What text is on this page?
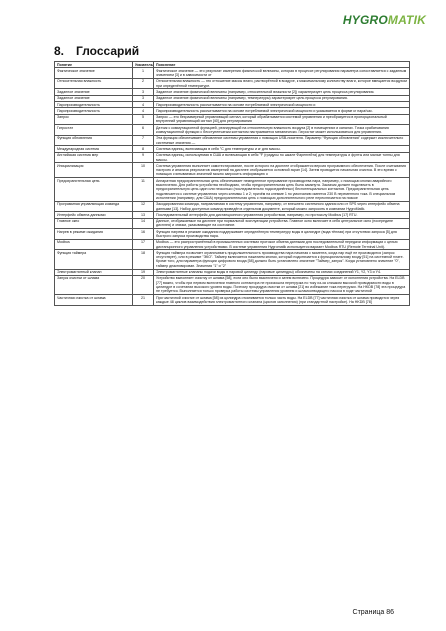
HYGROMATIK
8. Глоссарий
Понятие	Указатель	Пояснение
Фактическое значение	1	Фактическое значение — это результат измерения физической величины, которая в процессе регулирования параметра сопоставляется с заданным значением [3] и в зависимости от
Относительная влажность	2	Относительная влажность — это отношение массы влаги, растворённой в воздухе, к максимальному количеству влаги, которое вмещается воздухом при определённой температуре.
Заданное значение	3	Заданное значение физической величины (например, относительной влажности [2]) характеризует цель процесса регулирования.
Заданное значение	3	Заданное значение физической величины (например, температуры) характеризует цель процесса регулирования.
Паропроизводительность	4	Паропроизводительность рассчитывается на основе потребляемой электрической мощности и
Паропроизводительность	4	Паропроизводительность рассчитывается на основе потребляемой электрической мощности и указывается в форме кг пара/час.
Запрос	5	Запрос — это безразмерный управляющий сигнал, который обрабатывается системой управления и преобразуется в пропорциональный внутренний управляющий сигнал [40] для регулирования
Гигростат	6	Датчик с коммутационной функцией, реагирующий на относительную влажность воздуха [2] в помещениях и каналах. Точка срабатывания коммутационной функции с бесступенчатым контактом настраивается механически. Гигростат может использоваться для управления.
Функция обновления	7	Эта функция обеспечивает обновление системы управления с помощью USB-носителя. Параметр "Функция обновления" содержит исключительно системные значения —
Международная система	8	Система единиц, включающая в себя °C для температуры и кг для массы.
Английская система мер	9	Система единиц, используемая в США и включающая в себя °F (градусы по шкале Фаренгейта) для температуры и фунты или малые тонны для массы.
Инициализация	10	Система управления выполняет самотестирование, после которого на дисплее отображается версия программного обеспечения. После считывания настроек и анализа результатов измерений на дисплее отображается основной экран [14]. Затем проводится начальная очистка. В это время с помощью считываемых значений можно запросить информацию о
Предохранительная цепь	11	Аппаратная предохранительная цепь обеспечивает немедленное прерывание производства пара, например, с помощью кнопки аварийного выключения. Для работы устройства необходимо, чтобы предохранительная цепь была замкнута. Заказчик должен подключить в предохранительную цепь один или несколько (последовательно подсоединённых) беспотенциальных контактов. Предохранительная цепь подключается к системе управления через клеммы 1 и 2; причём на клемме 1 по умолчанию имеется 230 В переменного тока. В специальном исполнении (например, для США) предохранительная цепь с помощью дополнительного реле переключается на низкое
Программная управляющая команда	12	Закодированная команда, направляемая в систему управления, например, от внешнего системного здания или от SPS через интерфейс обмена данными [13]. Набор доступных команд приведён в отдельном документе, который можно запросить в компании HygroMatik.
Интерфейс обмена данными	13	Последовательный интерфейс для дистанционного управления устройством, например, по протоколу Modbus [17] RTU.
Главное окно	14	Данные, отображаемые на дисплее при нормальной эксплуатации устройства. Главное окно включает в себя центральное окно (посередине дисплея) и значки, указывающие на состояние.
Нагрев в режиме ожидания	16	Функция нагрева в режиме ожидания поддерживает определённую температуру воды в цилиндре (вода тёплая) при отсутствии запроса [5] для быстрого запуска производства пара.
Modbus	17	Modbus — это распространённый в промышленных системах протокол обмена данными для последовательной передачи информации с целью дистанционного управления устройствами. В системе управления Hygromatik используется вариант Modbus RTU (Remote Terminal Unit).
Функция таймера	18	Функция таймера позволяет ограничивать продолжительность производства пара начиная с момента, когда пар ещё не производится (запрос отсутствует), или в режиме "ЭКО". Таймер включается нажатием кнопки, который подключается к функциональному входу [51] на системной плате. Кроме того, для параметра функции цифрового входа [58] должно быть установлено значение "Таймер_запуск". Когда установлено значение "0", таймер деактивирован. Значения "1" и "2"
Электромагнитный клапан	19	Электромагнитные клапаны подачи воды в паровой цилиндр (паровые цилиндры) обозначены на схемах соединений Y1, Y2, Y3 и Y4.
Запуск очистки от шлама	20	Устройство выполняет очистку от шлама [58], если оно было выключено и затем включено. Процедура зависит от исполнения устройства. На ELDB [77] важно, чтобы при первом включении главного контактора не произошла перегрузка по току из-за слишком высокой проводимости воды в цилиндре в сочетании высокого уровня воды. Поэтому процедура очистки от шлама [21] во избежание тока перегрузки. На HKDB [78] эта процедура не требуется. Выполняется только проверка работы системы управления уровнем и шламоотводящего насоса в ходе частичной
Частичная очистка от шлама	21	При частичной очистке от шлама [58] из цилиндра отканивается только часть воды. На ELDB [77] частичная очистка от шлама проводится через каждые 48 циклов взаимодействия электромагнитного клапана (циклов заполнения) (при стандартной настройке). На HKDB [78]
Страница 86
